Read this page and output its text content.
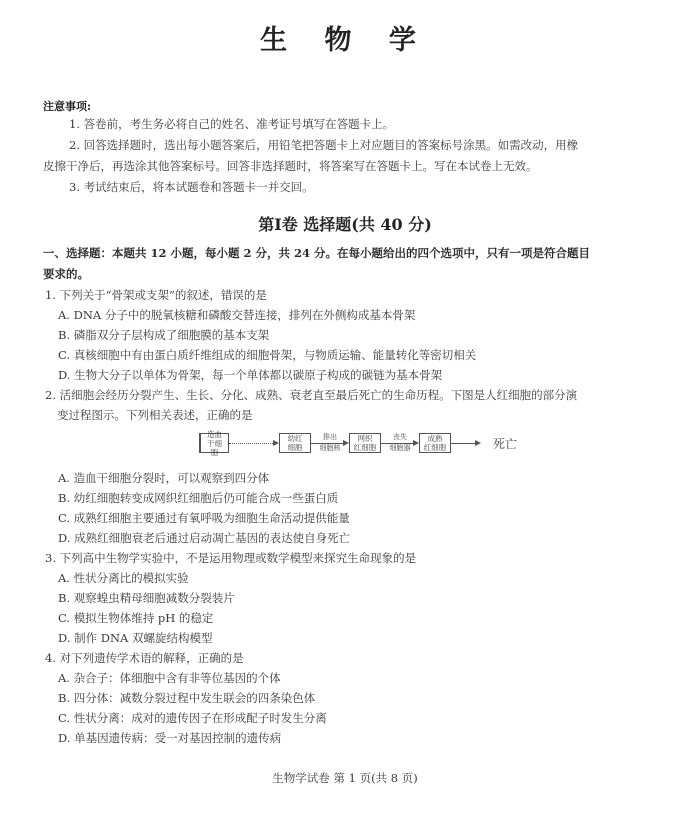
生 物 学
注意事项:
1. 答卷前，考生务必将自己的姓名、准考证号填写在答题卡上。
2. 回答选择题时，选出每小题答案后，用铅笔把答题卡上对应题目的答案标号涂黑。如需改动，用橡
皮擦干净后，再选涂其他答案标号。回答非选择题时，将答案写在答题卡上。写在本试卷上无效。
3. 考试结束后，将本试题卷和答题卡一并交回。
第Ⅰ卷 选择题(共 40 分)
一、选择题：本题共 12 小题，每小题 2 分，共 24 分。在每小题给出的四个选项中，只有一项是符合题目
要求的。
1. 下列关于“骨架或支架”的叙述，错误的是
A. DNA 分子中的脱氧核糖和磷酸交替连接，排列在外侧构成基本骨架
B. 磷脂双分子层构成了细胞膜的基本支架
C. 真核细胞中有由蛋白质纤维组成的细胞骨架，与物质运输、能量转化等密切相关
D. 生物大分子以单体为骨架，每一个单体都以碳原子构成的碳链为基本骨架
2. 活细胞会经历分裂产生、生长、分化、成熟、衰老直至最后死亡的生命历程。下图是人红细胞的部分演
变过程图示。下列相关表述，正确的是
造血
干细胞
幼红
细胞
排出
细胞核
网织
红细胞
丧失
细胞器
成熟
红细胞	死亡
A. 造血干细胞分裂时，可以观察到四分体
B. 幼红细胞转变成网织红细胞后仍可能合成一些蛋白质
C. 成熟红细胞主要通过有氧呼吸为细胞生命活动提供能量
D. 成熟红细胞衰老后通过启动凋亡基因的表达使自身死亡
3. 下列高中生物学实验中，不是运用物理或数学模型来探究生命现象的是
A. 性状分离比的模拟实验
B. 观察蝗虫精母细胞减数分裂装片
C. 模拟生物体维持 pH 的稳定
D. 制作 DNA 双螺旋结构模型
4. 对下列遗传学术语的解释，正确的是
A. 杂合子：体细胞中含有非等位基因的个体
B. 四分体：减数分裂过程中发生联会的四条染色体
C. 性状分离：成对的遗传因子在形成配子时发生分离
D. 单基因遗传病：受一对基因控制的遗传病
生物学试卷 第 1 页(共 8 页)
